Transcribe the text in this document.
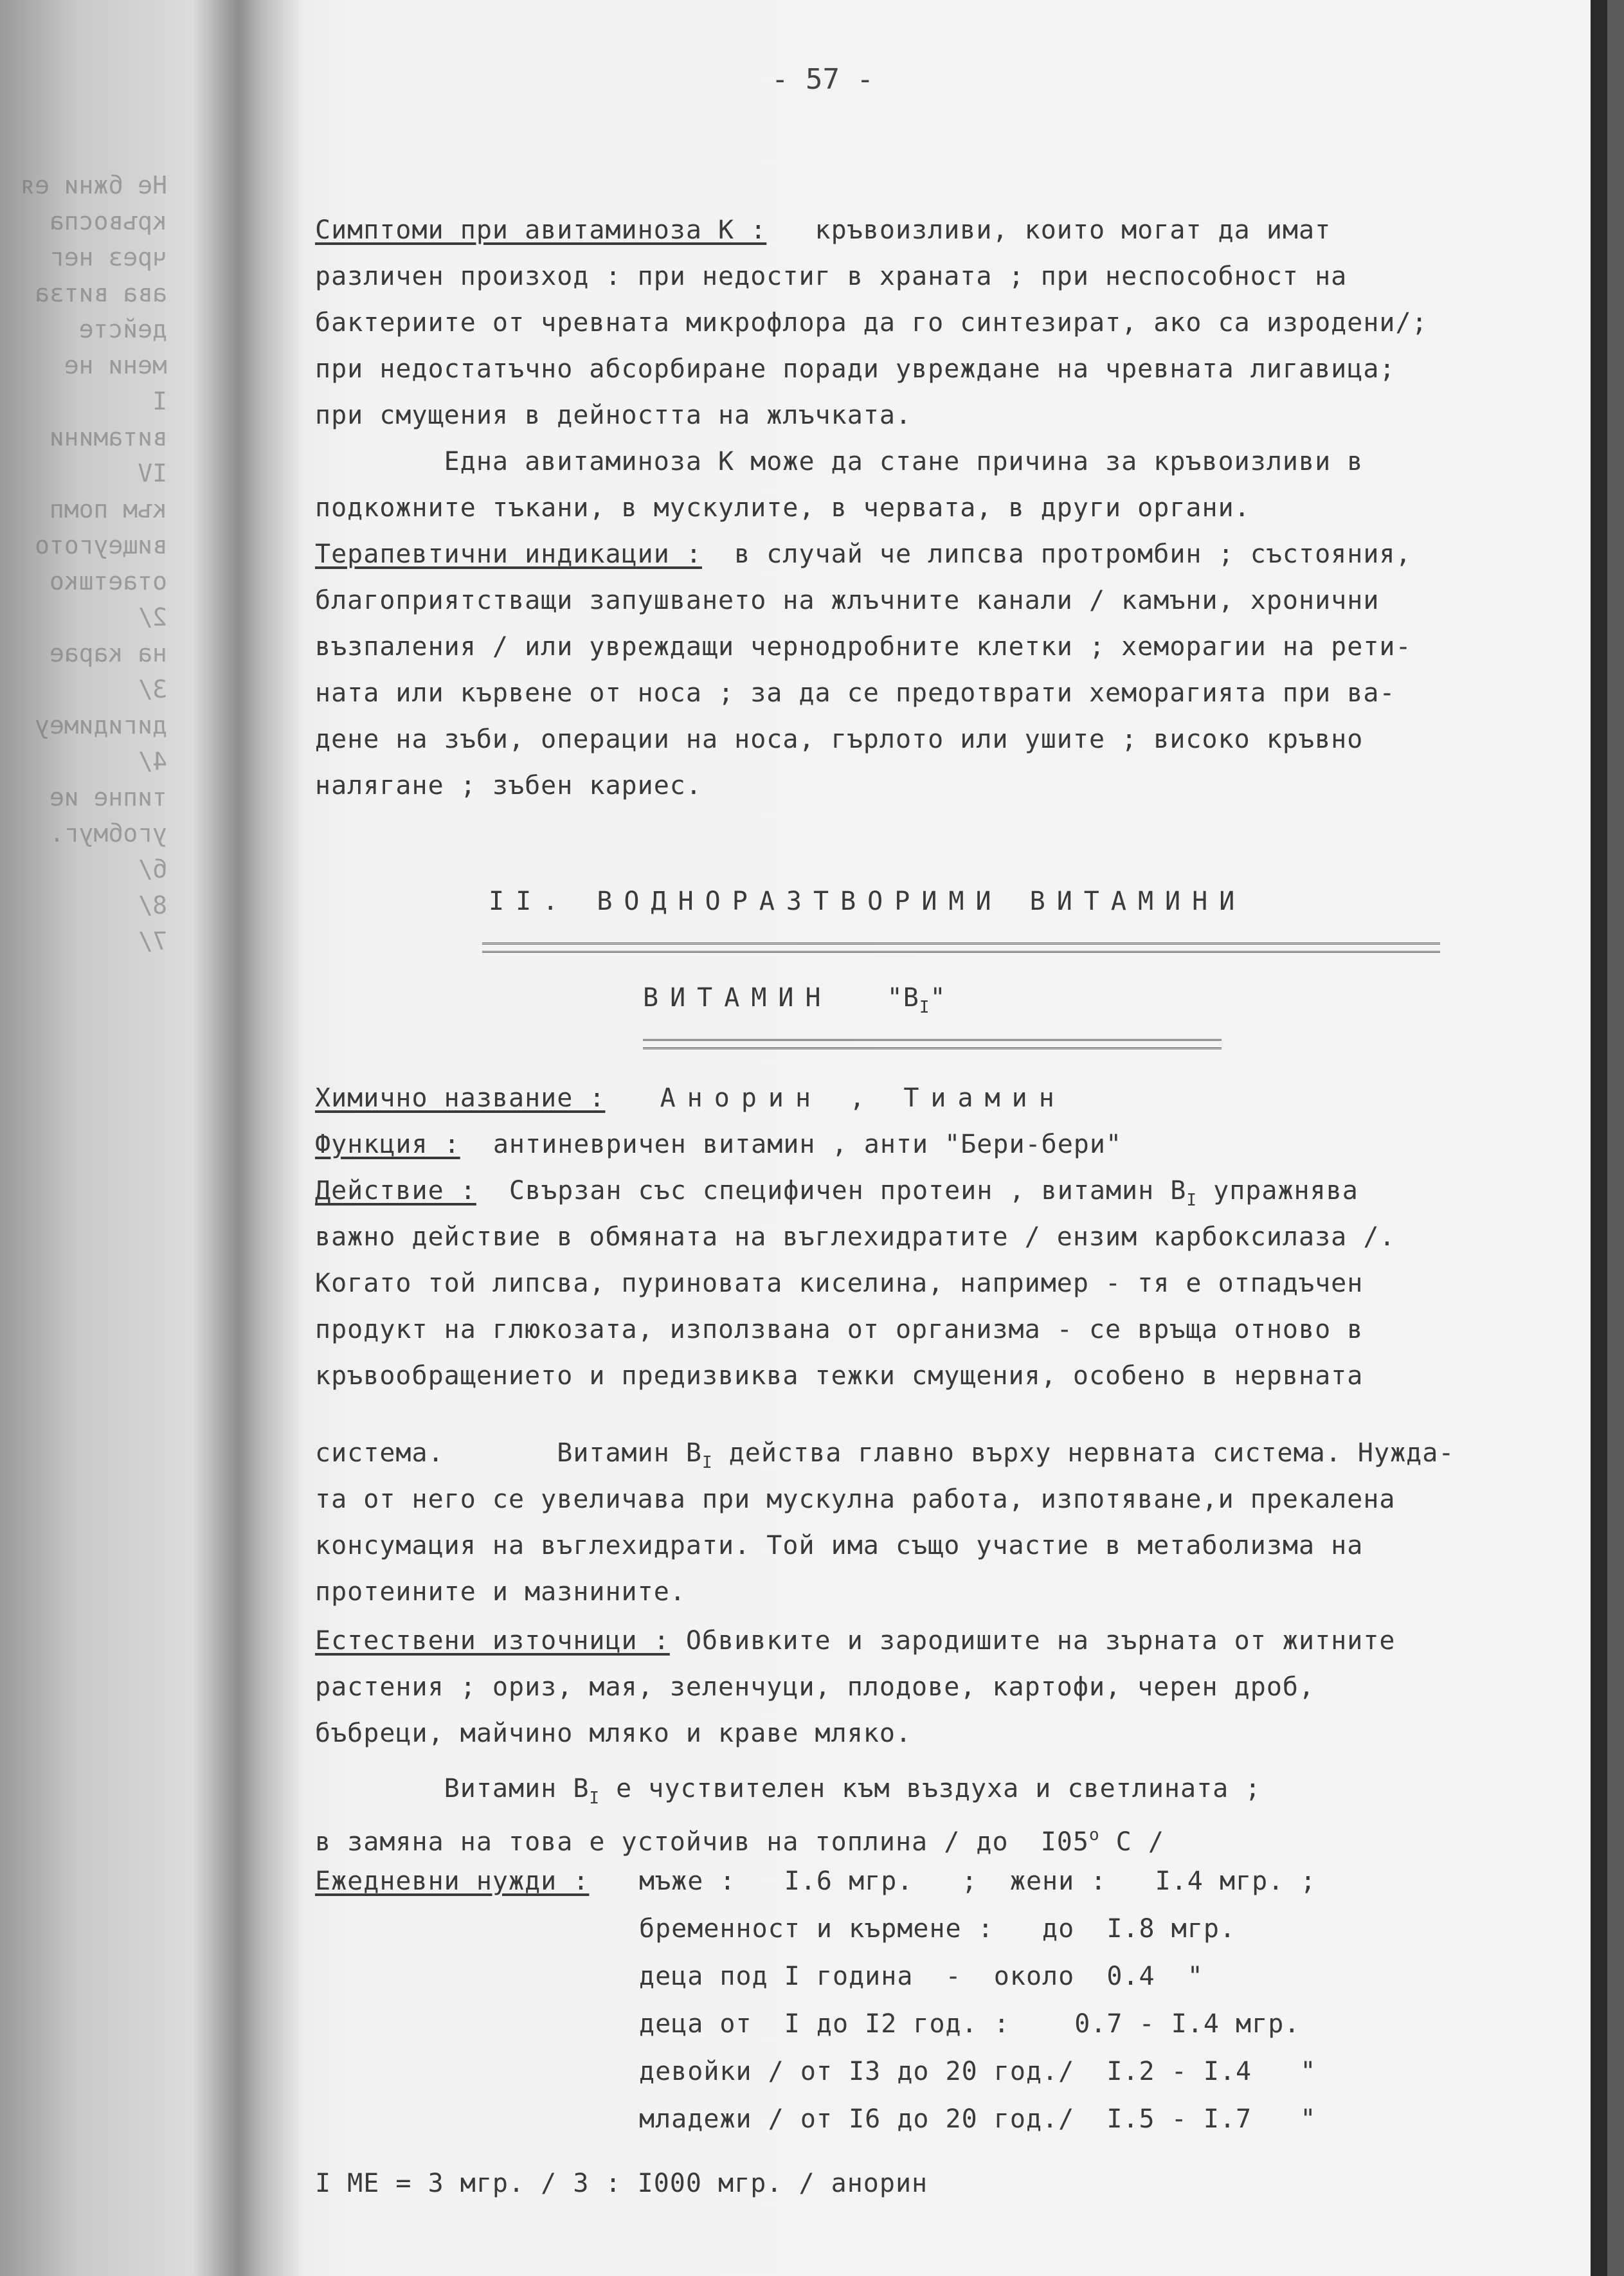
Не бжни ея
кръвоспа
чрез нег
ава витза
дейсте
мени не
I
витамини
IV
към помп
вищеугото
отаетшко
2/
на карае
3/
дигидимеу
4/
типне ие
угобмуг.
б/
8/
7/
- 57 -
Симптоми при авитаминоза К :   кръвоизливи, които могат да имат
различен произход : при недостиг в храната ; при неспособност на
бактериите от чревната микрофлора да го синтезират, ако са изродени/;
при недостатъчно абсорбиране поради увреждане на чревната лигавица;
при смущения в дейността на жлъчката.
Една авитаминоза К може да стане причина за кръвоизливи в
подкожните тъкани, в мускулите, в червата, в други органи.
Терапевтични индикации :  в случай че липсва протромбин ; състояния,
благоприятстващи запушването на жлъчните канали / камъни, хронични
възпаления / или увреждащи чернодробните клетки ; хеморагии на рети-
ната или кървене от носа ; за да се предотврати хеморагията при ва-
дене на зъби, операции на носа, гърлото или ушите ; високо кръвно
налягане ; зъбен кариес.
II. ВОДНОРАЗТВОРИМИ ВИТАМИНИ
ВИТАМИН "$B_I$"
Химично название : Анорин , Тиамин
Функция : антиневричен витамин , анти "Бери-бери"
Действие : Свързан със специфичен протеин , витамин $В_I$ упражнява
важно действие в обмяната на въглехидратите / ензим карбоксилаза /.
Когато той липсва, пуриновата киселина, например - тя е отпадъчен
продукт на глюкозата, използвана от организма - се връща отново в
кръвообращението и предизвиква тежки смущения, особено в нервната
система.       Витамин $В_I$ действа главно върху нервната система. Нужда-
та от него се увеличава при мускулна работа, изпотяване,и прекалена
консумация на въглехидрати. Той има също участие в метаболизма на
протеините и мазнините.
Естествени източници : Обвивките и зародишите на зърната от житните
растения ; ориз, мая, зеленчуци, плодове, картофи, черен дроб,
бъбреци, майчино мляко и краве мляко.
Витамин $В_I$ е чуствителен към въздуха и светлината ;
в замяна на това е устойчив на топлина / до  I05$^o$ С /
Ежедневни нужди : мъже :   I.6 мгр.   ;  жени :   I.4 мгр. ;
бременност и кърмене :   до  I.8 мгр.
деца под I година  -  около  0.4  "
деца от  I до I2 год. :    0.7 - I.4 мгр.
девойки / от I3 до 20 год./  I.2 - I.4   "
младежи / от I6 до 20 год./  I.5 - I.7   "
I МЕ = 3 мгр. / 3 : I000 мгр. / анорин
